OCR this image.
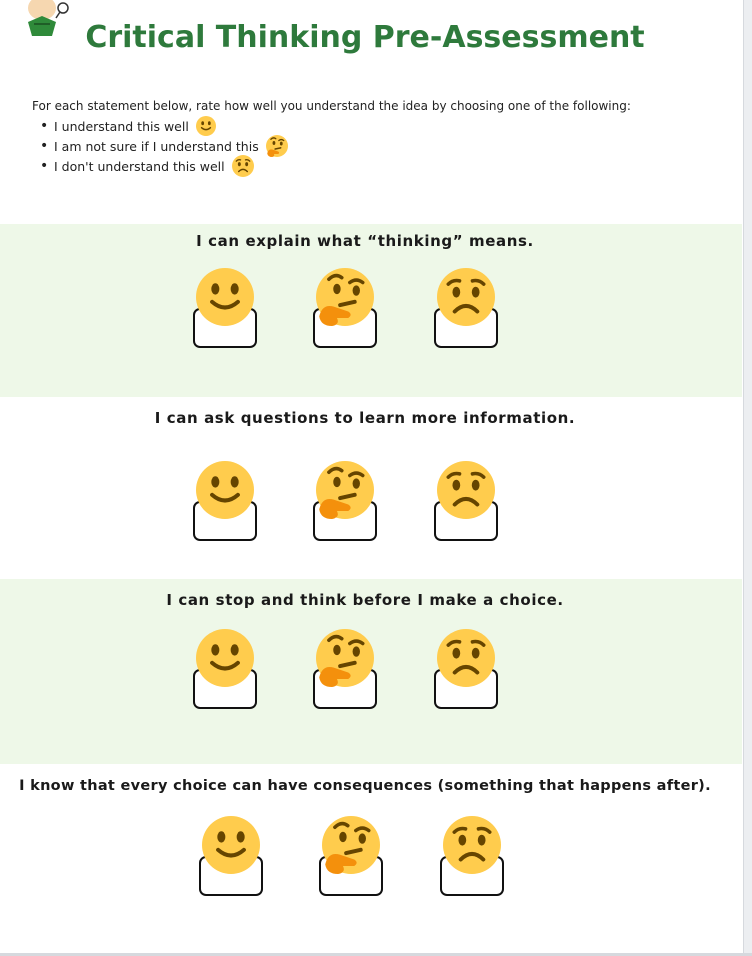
Critical Thinking Pre-Assessment

For each statement below, rate how well you understand the idea by choosing one of the following:

• I understand this well
• I am not sure if I understand this
• I don't understand this well
I can explain what “thinking” means.
I can ask questions to learn more information.
I can stop and think before I make a choice.
I know that every choice can have consequences (something that happens after).
